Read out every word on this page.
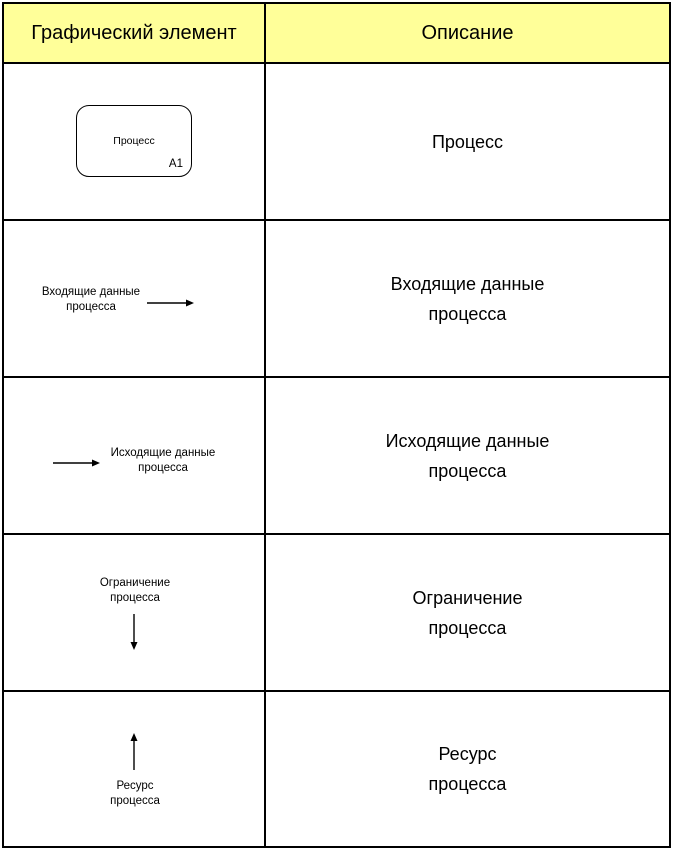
Графический элемент	Описание
Процесс
A1
Процесс
Входящие данные
процесса
Входящие данные
процесса
Исходящие данные
процесса
Исходящие данные
процесса
Ограничение
процесса	Ограничение
процесса
Ресурс
процесса
Ресурс
процесса
